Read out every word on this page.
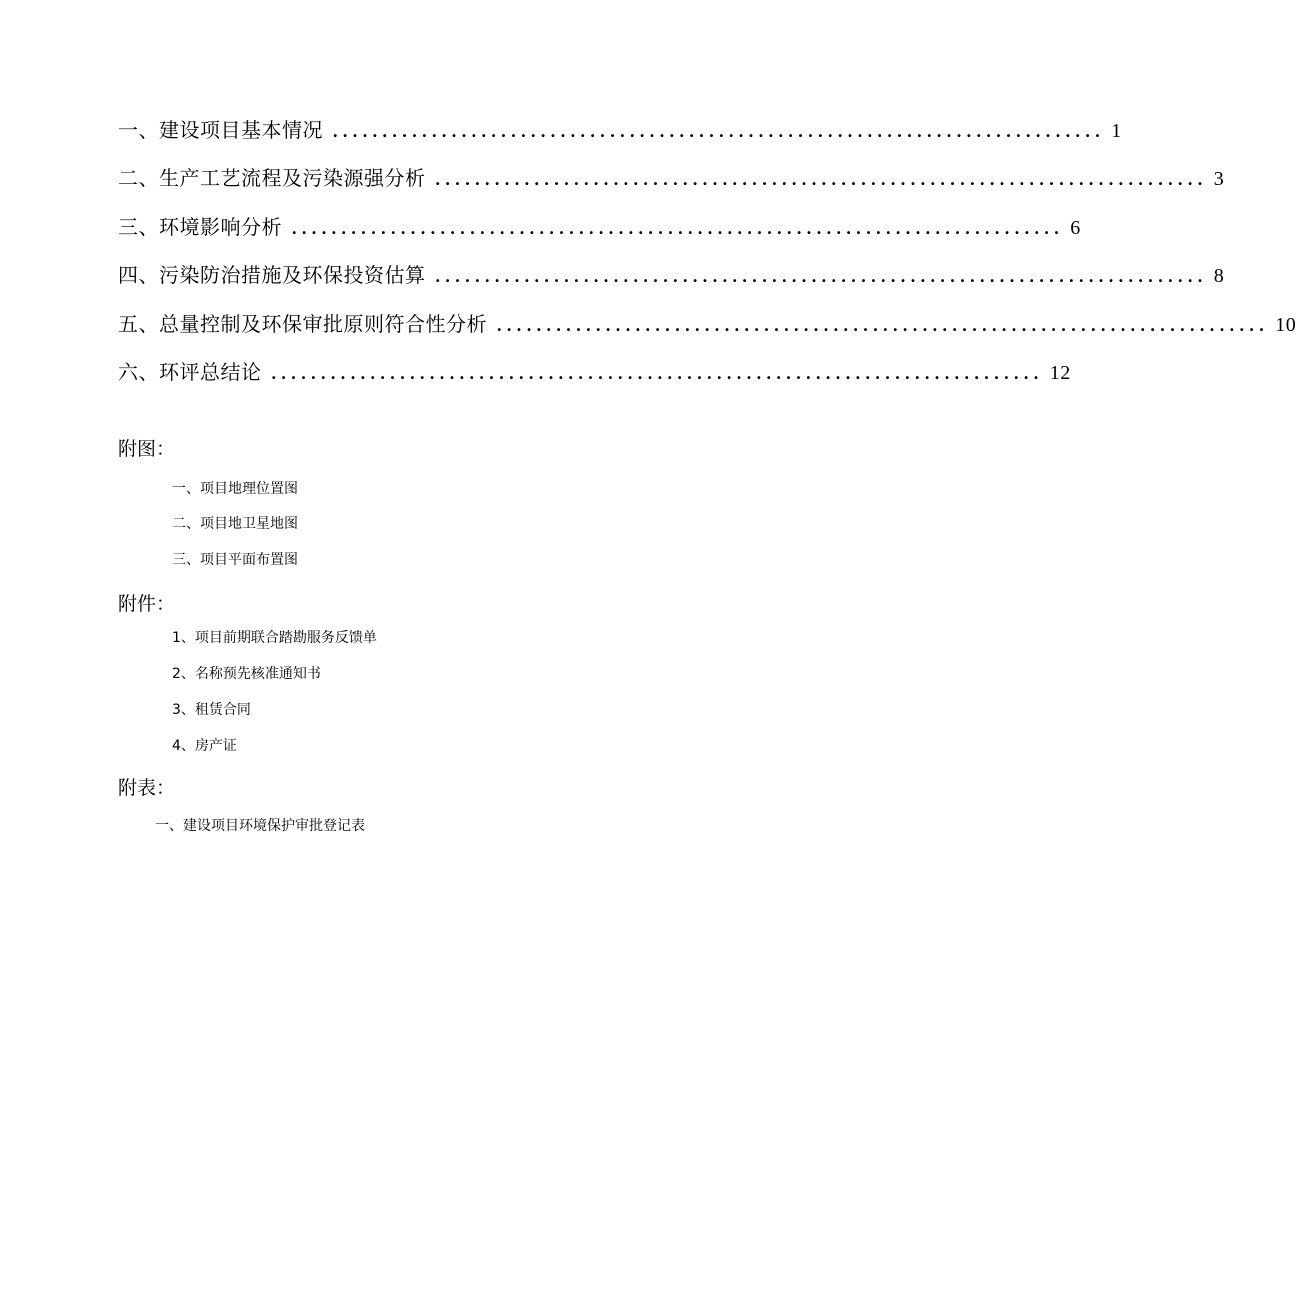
一、建设项目基本情况 .............................................................................. 1
二、生产工艺流程及污染源强分析 .............................................................................. 3
三、环境影响分析 .............................................................................. 6
四、污染防治措施及环保投资估算 .............................................................................. 8
五、总量控制及环保审批原则符合性分析 .............................................................................. 10
六、环评总结论 .............................................................................. 12
附图：
一、项目地理位置图
二、项目地卫星地图
三、项目平面布置图
附件：
1、项目前期联合踏勘服务反馈单
2、名称预先核准通知书
3、租赁合同
4、房产证
附表：
一、建设项目环境保护审批登记表
